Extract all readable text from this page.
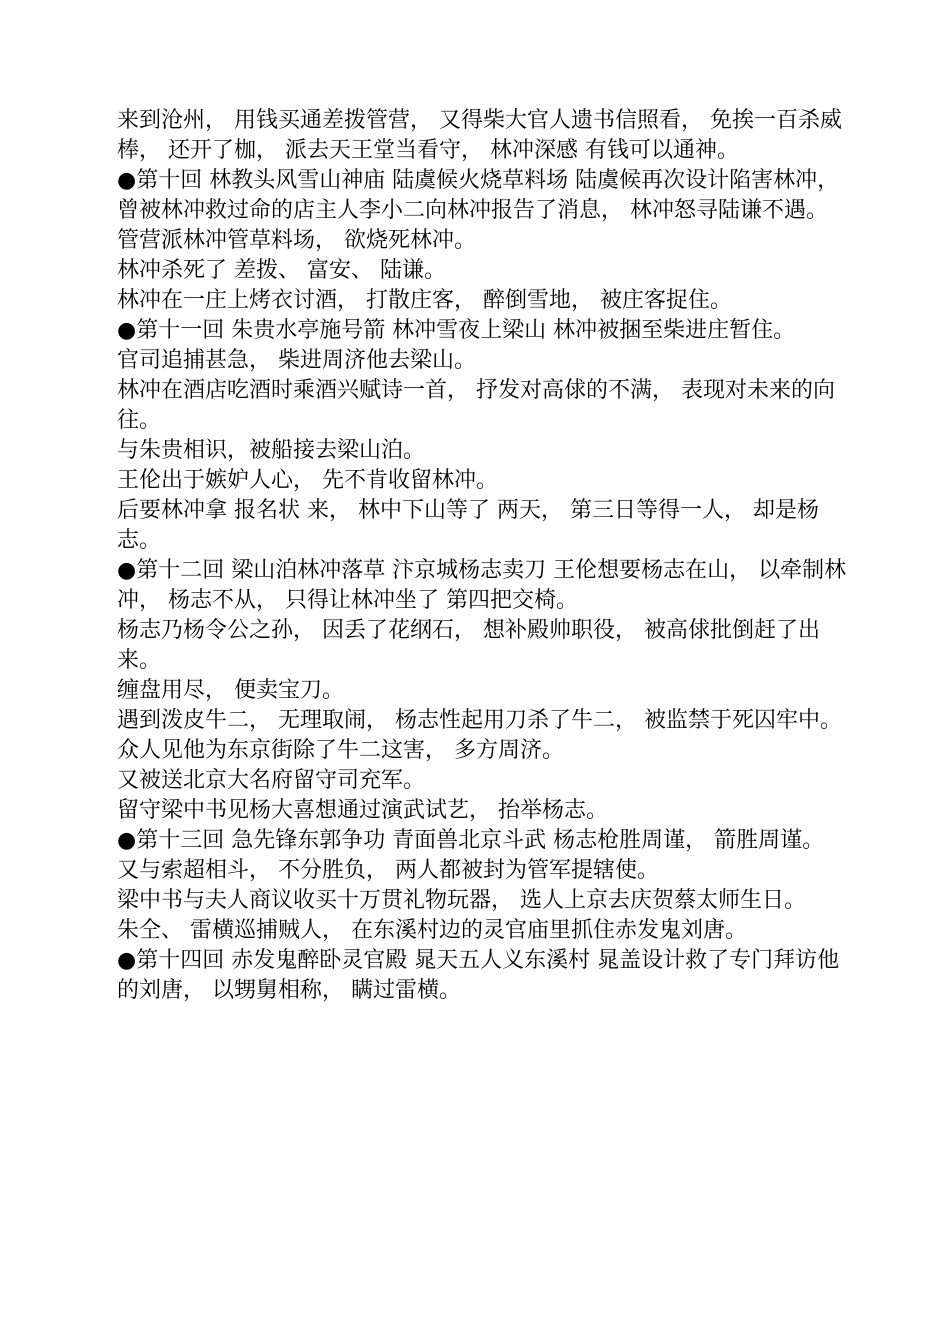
来到沧州， 用钱买通差拨管营， 又得柴大官人遗书信照看， 免挨一百杀威棒， 还开了枷， 派去天王堂当看守， 林冲深感 有钱可以通神。

●第十回 林教头风雪山神庙 陆虞候火烧草料场 陆虞候再次设计陷害林冲， 曾被林冲救过命的店主人李小二向林冲报告了消息， 林冲怒寻陆谦不遇。

管营派林冲管草料场， 欲烧死林冲。

林冲杀死了 差拨、 富安、 陆谦。

林冲在一庄上烤衣讨酒， 打散庄客， 醉倒雪地， 被庄客捉住。

●第十一回 朱贵水亭施号箭 林冲雪夜上梁山 林冲被捆至柴进庄暂住。

官司追捕甚急， 柴进周济他去梁山。

林冲在酒店吃酒时乘酒兴赋诗一首， 抒发对高俅的不满， 表现对未来的向往。

与朱贵相识，被船接去梁山泊。

王伦出于嫉妒人心， 先不肯收留林冲。

后要林冲拿 报名状 来， 林中下山等了 两天， 第三日等得一人， 却是杨志。

●第十二回 梁山泊林冲落草 汴京城杨志卖刀 王伦想要杨志在山， 以牵制林冲， 杨志不从， 只得让林冲坐了 第四把交椅。

杨志乃杨令公之孙， 因丢了花纲石， 想补殿帅职役， 被高俅批倒赶了出来。

缠盘用尽， 便卖宝刀。

遇到泼皮牛二， 无理取闹， 杨志性起用刀杀了牛二， 被监禁于死囚牢中。

众人见他为东京街除了牛二这害， 多方周济。

又被送北京大名府留守司充军。

留守梁中书见杨大喜想通过演武试艺， 抬举杨志。

●第十三回 急先锋东郭争功 青面兽北京斗武 杨志枪胜周谨， 箭胜周谨。

又与索超相斗， 不分胜负， 两人都被封为管军提辖使。

梁中书与夫人商议收买十万贯礼物玩器， 选人上京去庆贺蔡太师生日。

朱仝、 雷横巡捕贼人， 在东溪村边的灵官庙里抓住赤发鬼刘唐。

●第十四回 赤发鬼醉卧灵官殿 晁天五人义东溪村 晁盖设计救了专门拜访他的刘唐， 以甥舅相称， 瞒过雷横。
